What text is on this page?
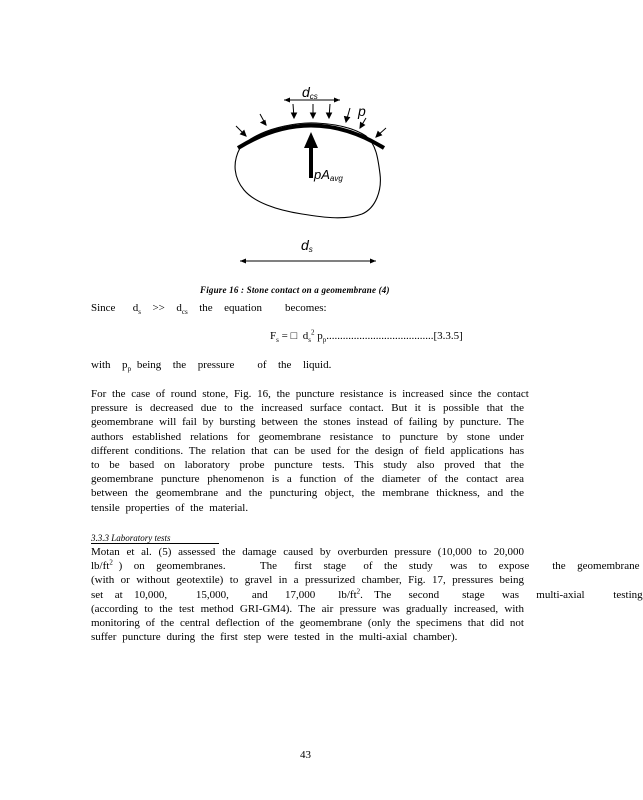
$d_{cs}$
p
$pA_{avg}$
$d_s$
Figure 16 : Stone contact on a geomembrane (4)
Since   $d_s >> d_{cs}$  the  equation    becomes:
$F_s$ = □  $d_s^2$ $p_p.......................................[3.3.5]$
with  $p_p$ being  the  pressure    of  the  liquid.
For the case of round stone, Fig. 16, the puncture resistance is increased since the contact
pressure is decreased due to the increased surface contact. But it is possible that the
geomembrane will fail by bursting between the stones instead of failing by puncture. The
authors established relations for geomembrane resistance to puncture by stone under
different conditions. The relation that can be used for the design of field applications has
to be based on laboratory probe puncture tests. This study also proved that the
geomembrane puncture phenomenon is a function of the diameter of the contact area
between the geomembrane and the puncturing object, the membrane thickness, and the
tensile properties of the material.
3.3.3 Laboratory tests
Motan et al. (5) assessed the damage caused by overburden pressure (10,000 to 20,000
$lb/ft^2$ )  on  geomembranes.      The   first  stage   of  the  study   was  to  expose    the  geomembrane
(with or without geotextile) to gravel in a pressurized chamber, Fig. 17, pressures being
set  at  10,000,     15,000,    and   17,000    $lb/ft^2$.  The   second    stage   was   multi-axial     testing
(according to the test method GRI-GM4). The air pressure was gradually increased, with
monitoring of the central deflection of the geomembrane (only the specimens that did not
suffer puncture during the first step were tested in the multi-axial chamber).
43
